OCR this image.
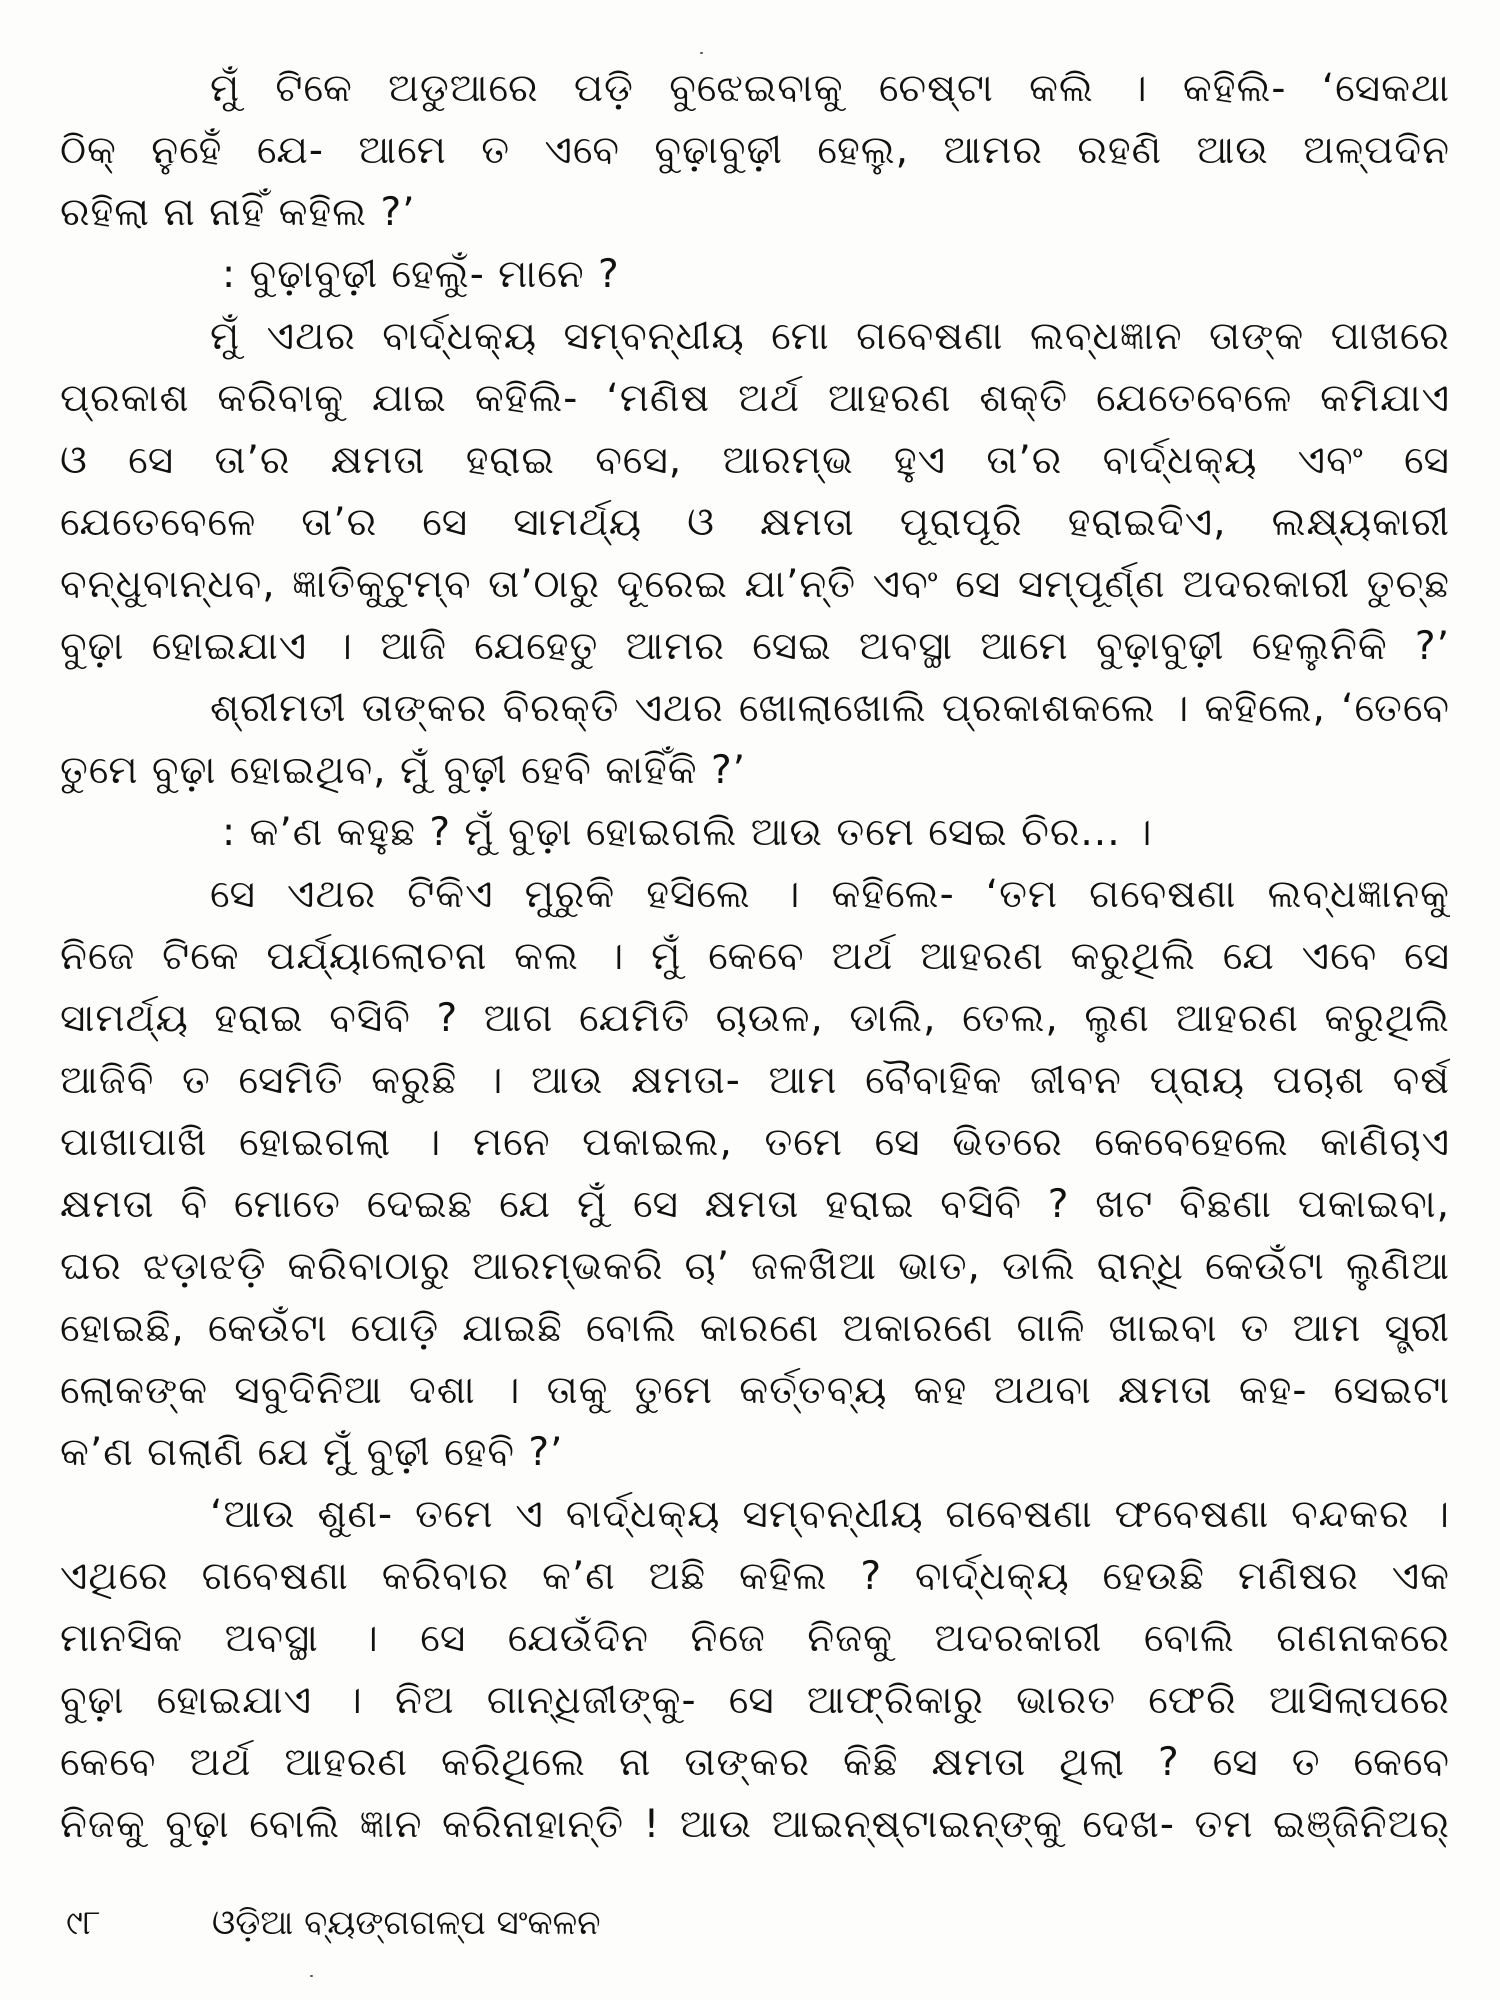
ମୁଁ ଟିକେ ଅଡୁଆରେ ପଡ଼ି ବୁଝେଇବାକୁ ଚେଷ୍ଟା କଲି । କହିଲି- ‘ସେକଥା
ଠିକ୍ ନୁହେଁ ଯେ- ଆମେ ତ ଏବେ ବୁଢ଼ାବୁଢ଼ୀ ହେଲୁ, ଆମର ରହଣି ଆଉ ଅଳ୍ପଦିନ
ରହିଲା ନା ନାହିଁ କହିଲ ?’
: ବୁଢ଼ାବୁଢ଼ୀ ହେଲୁଁ- ମାନେ ?
ମୁଁ ଏଥର ବାର୍ଦ୍ଧକ୍ୟ ସମ୍ବନ୍ଧୀୟ ମୋ ଗବେଷଣା ଲବ୍ଧଜ୍ଞାନ ତାଙ୍କ ପାଖରେ
ପ୍ରକାଶ କରିବାକୁ ଯାଇ କହିଲି- ‘ମଣିଷ ଅର୍ଥ ଆହରଣ ଶକ୍ତି ଯେତେବେଳେ କମିଯାଏ
ଓ ସେ ତା’ର କ୍ଷମତା ହରାଇ ବସେ, ଆରମ୍ଭ ହୁଏ ତା’ର ବାର୍ଦ୍ଧକ୍ୟ ଏବଂ ସେ
ଯେତେବେଳେ ତା’ର ସେ ସାମର୍ଥ୍ୟ ଓ କ୍ଷମତା ପୂରାପୂରି ହରାଇଦିଏ, ଲକ୍ଷ୍ୟକାରୀ
ବନ୍ଧୁବାନ୍ଧବ, ଜ୍ଞାତିକୁଟୁମ୍ବ ତା’ଠାରୁ ଦୂରେଇ ଯା’ନ୍ତି ଏବଂ ସେ ସମ୍ପୂର୍ଣ୍ଣ ଅଦରକାରୀ ତୁଚ୍ଛ
ବୁଢ଼ା ହୋଇଯାଏ । ଆଜି ଯେହେତୁ ଆମର ସେଇ ଅବସ୍ଥା ଆମେ ବୁଢ଼ାବୁଢ଼ୀ ହେଲୁନିକି ?’
ଶ୍ରୀମତୀ ତାଙ୍କର ବିରକ୍ତି ଏଥର ଖୋଲାଖୋଲି ପ୍ରକାଶକଲେ । କହିଲେ, ‘ତେବେ
ତୁମେ ବୁଢ଼ା ହୋଇଥିବ, ମୁଁ ବୁଢ଼ୀ ହେବି କାହିଁକି ?’
: କ’ଣ କହୁଛ ? ମୁଁ ବୁଢ଼ା ହୋଇଗଲି ଆଉ ତମେ ସେଇ ଚିର... ।
ସେ ଏଥର ଟିକିଏ ମୁରୁକି ହସିଲେ । କହିଲେ- ‘ତମ ଗବେଷଣା ଲବ୍ଧଜ୍ଞାନକୁ
ନିଜେ ଟିକେ ପର୍ଯ୍ୟାଲୋଚନା କଲ । ମୁଁ କେବେ ଅର୍ଥ ଆହରଣ କରୁଥିଲି ଯେ ଏବେ ସେ
ସାମର୍ଥ୍ୟ ହରାଇ ବସିବି ? ଆଗ ଯେମିତି ଚାଉଳ, ଡାଲି, ତେଲ, ଲୁଣ ଆହରଣ କରୁଥିଲି
ଆଜିବି ତ ସେମିତି କରୁଛି । ଆଉ କ୍ଷମତା- ଆମ ବୈବାହିକ ଜୀବନ ପ୍ରାୟ ପଚାଶ ବର୍ଷ
ପାଖାପାଖି ହୋଇଗଲା । ମନେ ପକାଇଲ, ତମେ ସେ ଭିତରେ କେବେହେଲେ କାଣିଚାଏ
କ୍ଷମତା ବି ମୋତେ ଦେଇଛ ଯେ ମୁଁ ସେ କ୍ଷମତା ହରାଇ ବସିବି ? ଖଟ ବିଛଣା ପକାଇବା,
ଘର ଝଡ଼ାଝଡ଼ି କରିବାଠାରୁ ଆରମ୍ଭକରି ଚା’ ଜଳଖିଆ ଭାତ, ଡାଲି ରାନ୍ଧି କେଉଁଟା ଲୁଣିଆ
ହୋଇଛି, କେଉଁଟା ପୋଡ଼ି ଯାଇଛି ବୋଲି କାରଣେ ଅକାରଣେ ଗାଳି ଖାଇବା ତ ଆମ ସ୍ତ୍ରୀ
ଲୋକଙ୍କ ସବୁଦିନିଆ ଦଶା । ତାକୁ ତୁମେ କର୍ତ୍ତବ୍ୟ କହ ଅଥବା କ୍ଷମତା କହ- ସେଇଟା
କ’ଣ ଗଲାଣି ଯେ ମୁଁ ବୁଢ଼ୀ ହେବି ?’
‘ଆଉ ଶୁଣ- ତମେ ଏ ବାର୍ଦ୍ଧକ୍ୟ ସମ୍ବନ୍ଧୀୟ ଗବେଷଣା ଫବେଷଣା ବନ୍ଦକର ।
ଏଥିରେ ଗବେଷଣା କରିବାର କ’ଣ ଅଛି କହିଲ ? ବାର୍ଦ୍ଧକ୍ୟ ହେଉଛି ମଣିଷର ଏକ
ମାନସିକ ଅବସ୍ଥା । ସେ ଯେଉଁଦିନ ନିଜେ ନିଜକୁ ଅଦରକାରୀ ବୋଲି ଗଣନାକରେ
ବୁଢ଼ା ହୋଇଯାଏ । ନିଅ ଗାନ୍ଧିଜୀଙ୍କୁ- ସେ ଆଫ୍ରିକାରୁ ଭାରତ ଫେରି ଆସିଲାପରେ
କେବେ ଅର୍ଥ ଆହରଣ କରିଥିଲେ ନା ତାଙ୍କର କିଛି କ୍ଷମତା ଥିଲା ? ସେ ତ କେବେ
ନିଜକୁ ବୁଢ଼ା ବୋଲି ଜ୍ଞାନ କରିନାହାନ୍ତି ! ଆଉ ଆଇନ୍‌ଷ୍ଟାଇନ୍‌ଙ୍କୁ ଦେଖ- ତମ ଇଞ୍ଜିନିଅର୍
୯୮	ଓଡ଼ିଆ ବ୍ୟଙ୍ଗଗଳ୍ପ ସଂକଳନ
